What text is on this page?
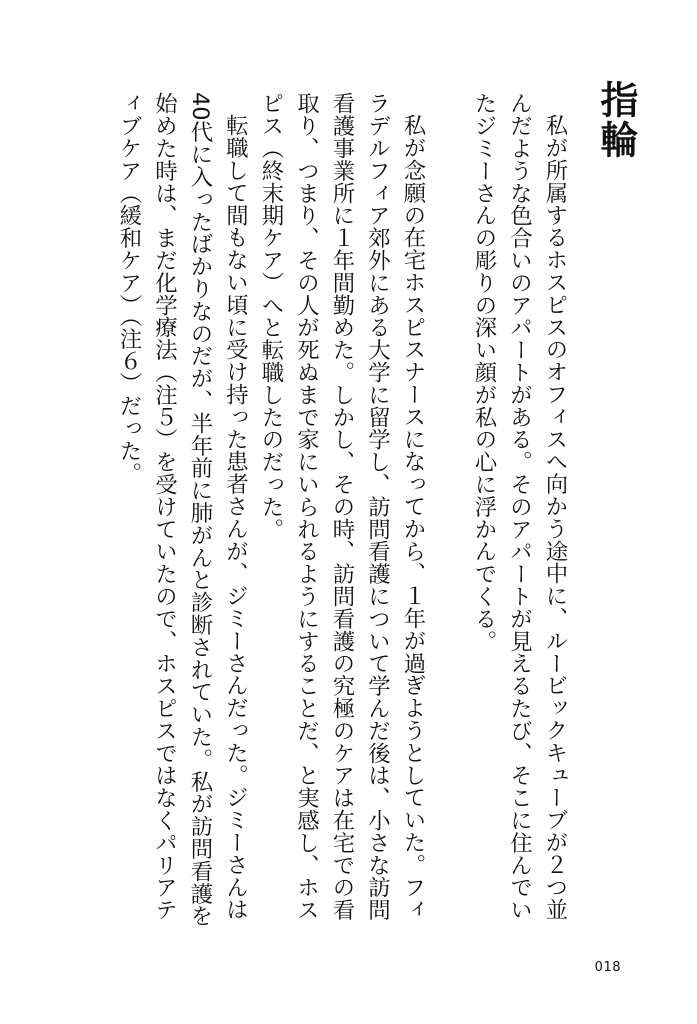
指輪

私が所属するホスピスのオフィスへ向かう途中に、ルービックキューブが２つ並んだような色合いのアパートがある。そのアパートが見えるたび、そこに住んでいたジミーさんの彫りの深い顔が私の心に浮かんでくる。

私が念願の在宅ホスピスナースになってから、１年が過ぎようとしていた。フィラデルフィア郊外にある大学に留学し、訪問看護について学んだ後は、小さな訪問看護事業所に１年間勤めた。しかし、その時、訪問看護の究極のケアは在宅での看取り、つまり、その人が死ぬまで家にいられるようにすることだ、と実感し、ホスピス（終末期ケア）へと転職したのだった。

転職して間もない頃に受け持った患者さんが、ジミーさんだった。ジミーさんは40代に入ったばかりなのだが、半年前に肺がんと診断されていた。私が訪問看護を始めた時は、まだ化学療法（注５）を受けていたので、ホスピスではなくパリアティブケア（緩和ケア）（注６）だった。

018
